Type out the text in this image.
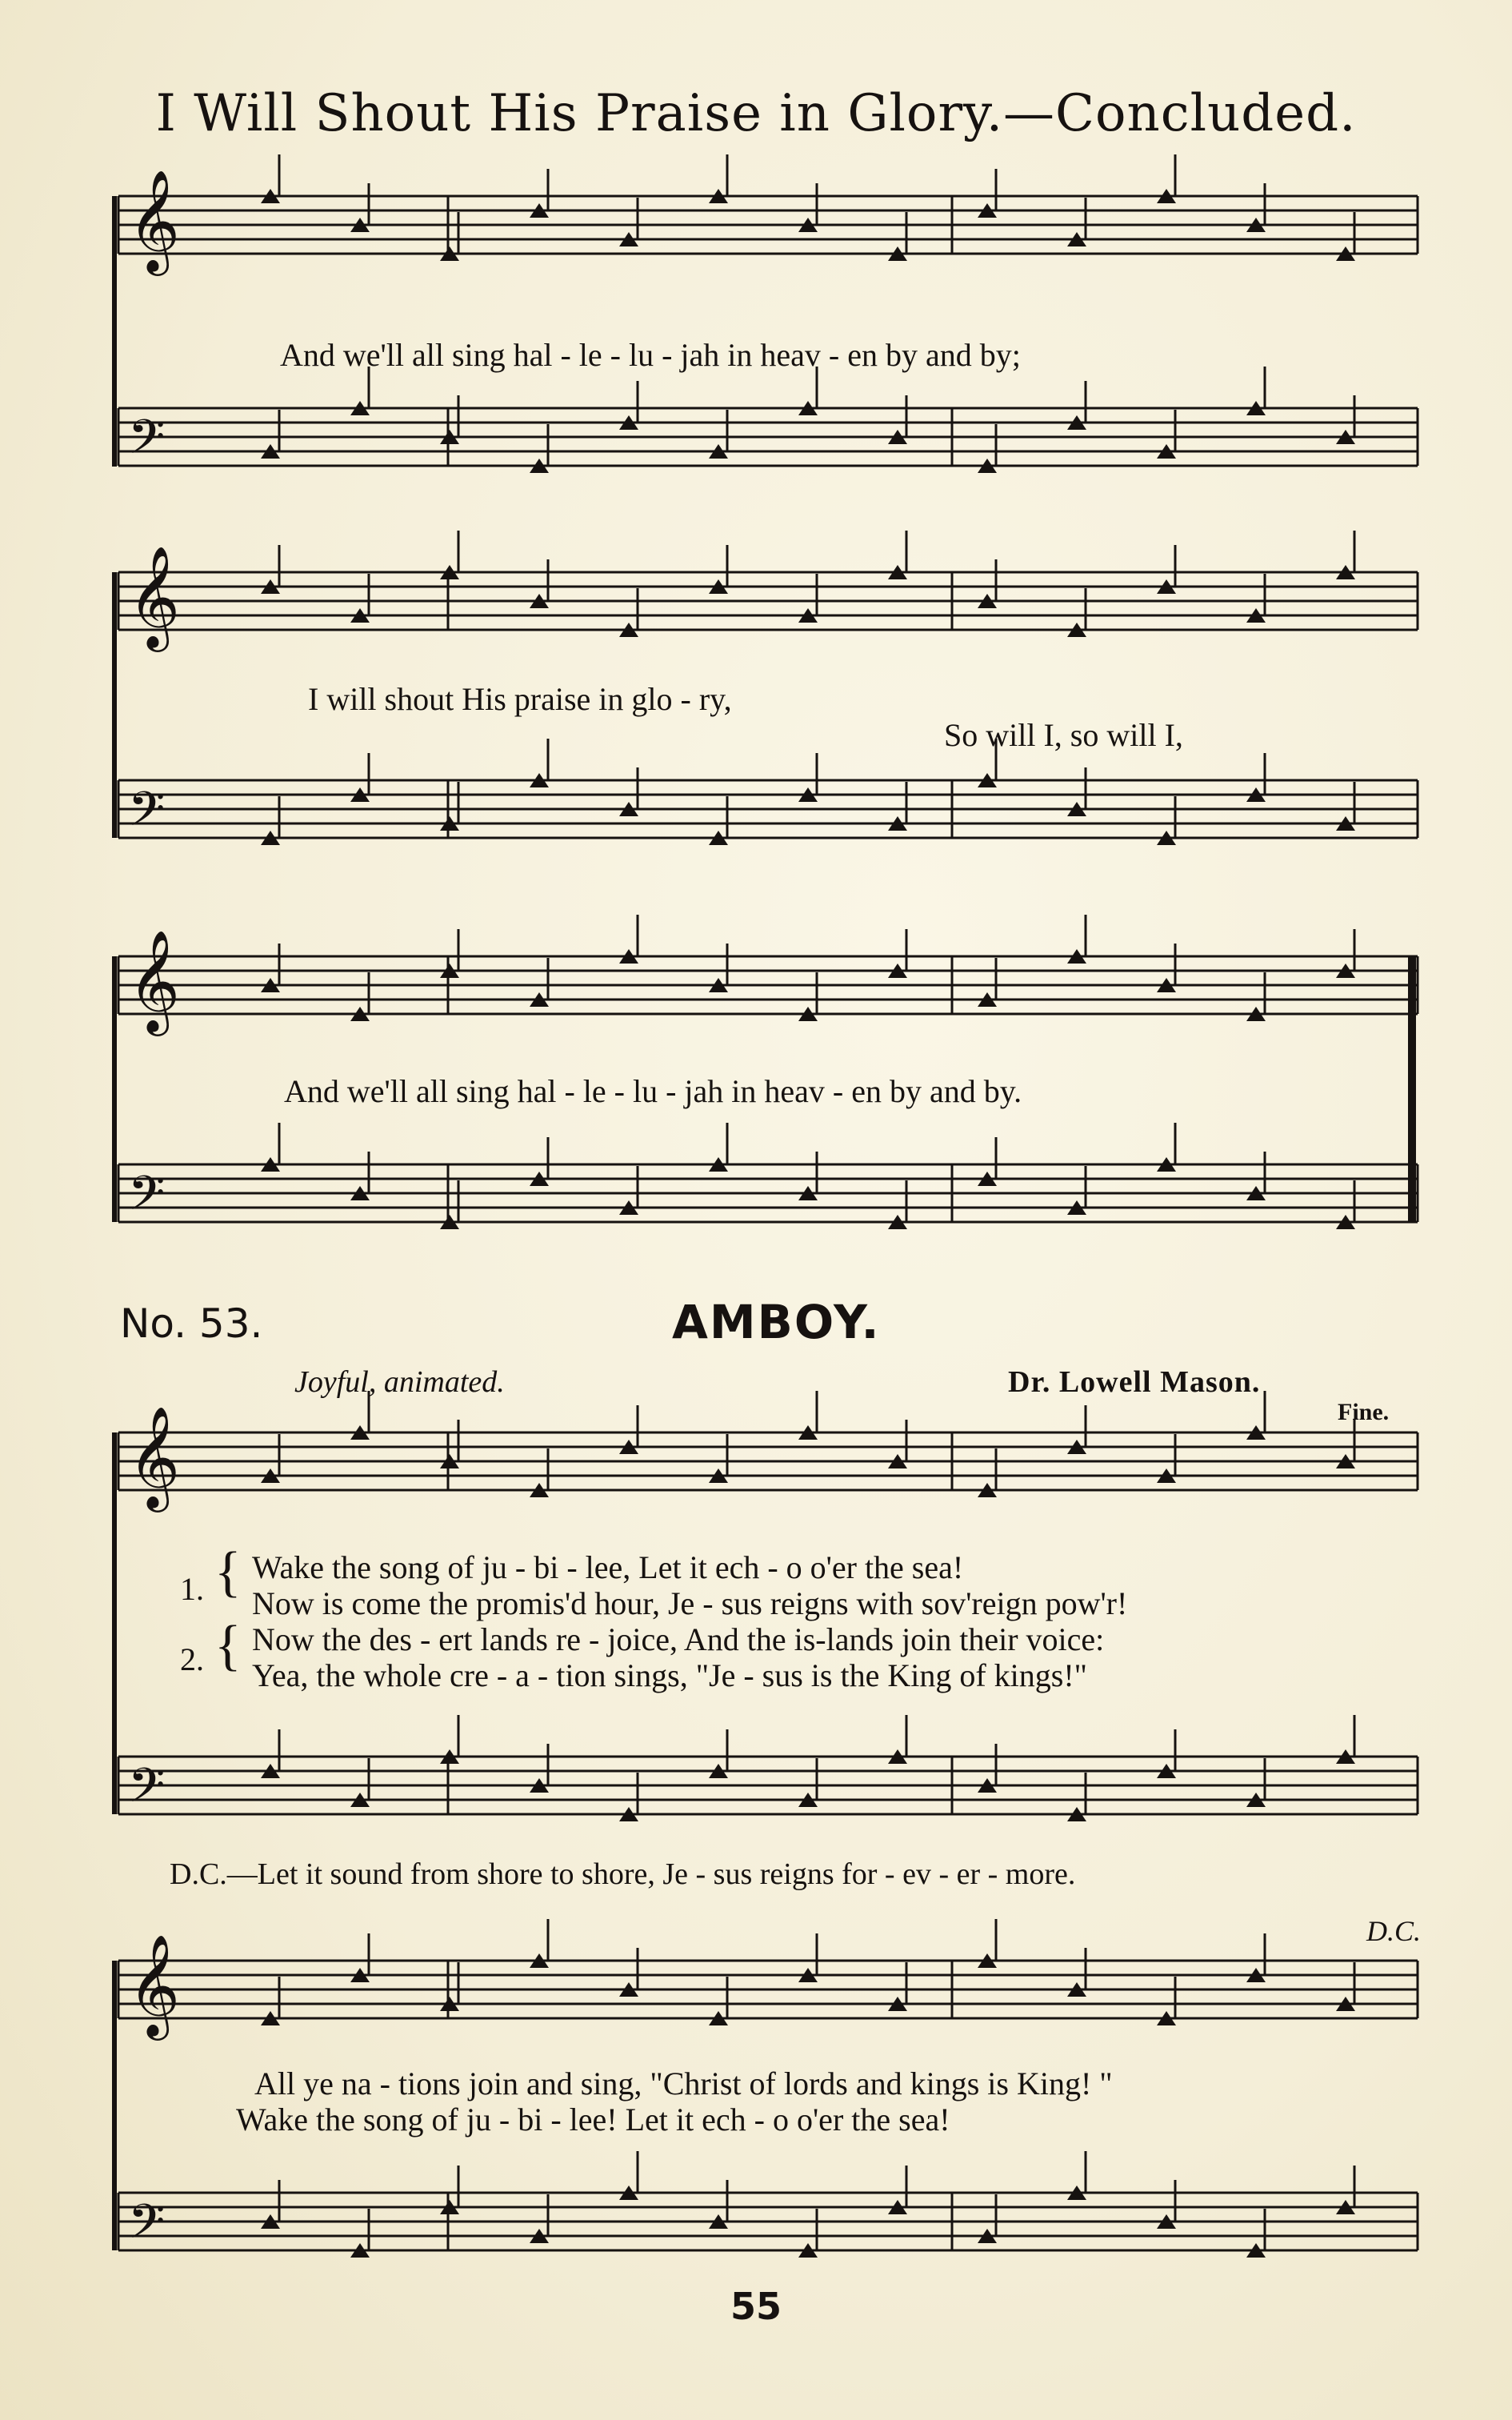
I Will Shout His Praise in Glory.—Concluded.
𝄞
𝄢
𝄞
𝄢
𝄞
𝄢
𝄞
𝄢
𝄞
𝄢
And we'll all sing hal - le - lu - jah in heav - en by and by;
I will shout His praise in glo - ry,
So will I, so will I,
And we'll all sing hal - le - lu - jah in heav - en by and by.
No. 53.	AMBOY.
Joyful, animated.	Dr. Lowell Mason.
Fine.
1. { Wake the song of ju - bi - lee, Let it ech - o o'er the sea!
Now is come the promis'd hour, Je - sus reigns with sov'reign pow'r!
2. { Now the des - ert lands re - joice, And the is-lands join their voice:
Yea, the whole cre - a - tion sings, "Je - sus is the King of kings!"
D.C.—Let it sound from shore to shore, Je - sus reigns for - ev - er - more.
D.C.
All ye na - tions join and sing, "Christ of lords and kings is King! "
Wake the song of ju - bi - lee! Let it ech - o o'er the sea!
55
